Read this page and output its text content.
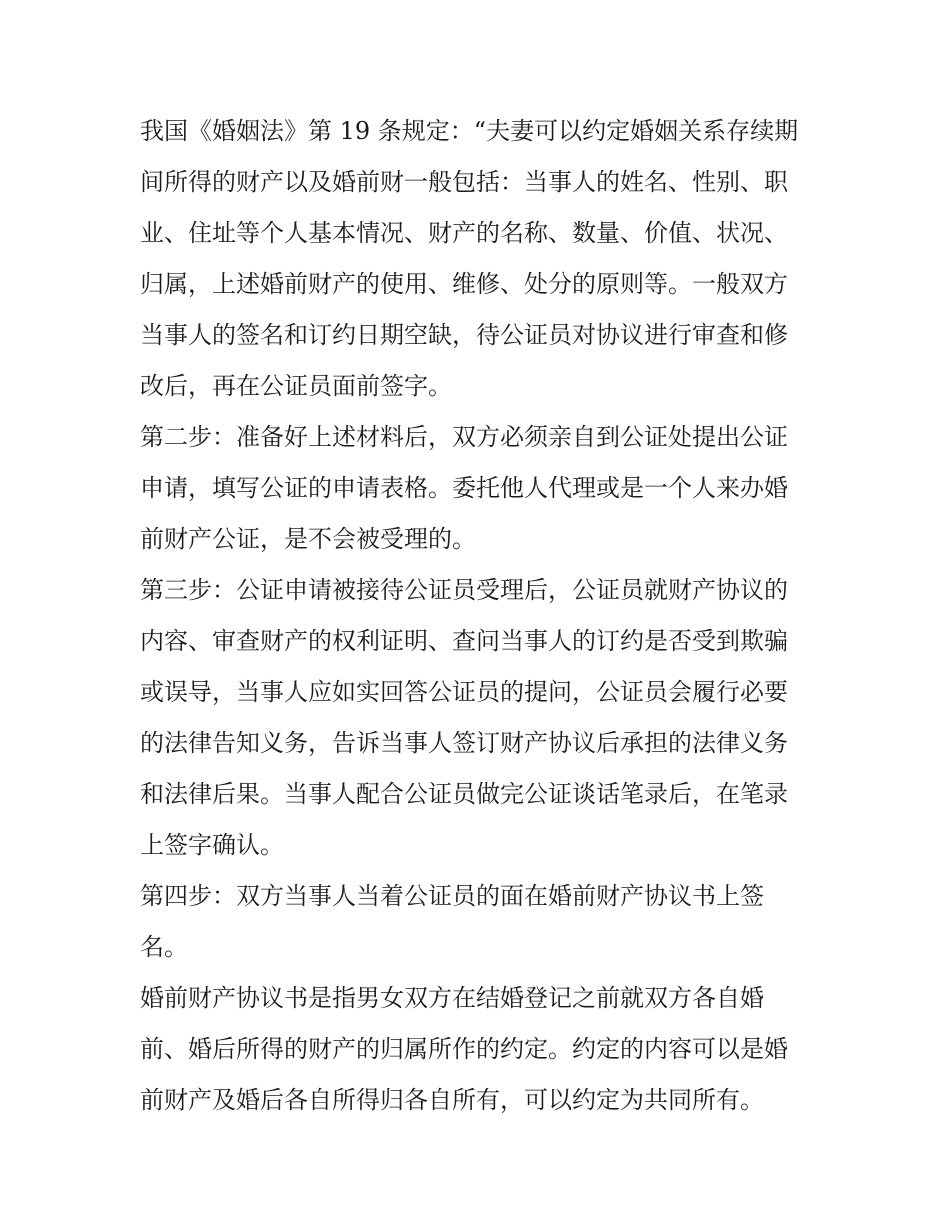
我国《婚姻法》第 19 条规定：“夫妻可以约定婚姻关系存续期
间所得的财产以及婚前财一般包括：当事人的姓名、性别、职
业、住址等个人基本情况、财产的名称、数量、价值、状况、
归属，上述婚前财产的使用、维修、处分的原则等。一般双方
当事人的签名和订约日期空缺，待公证员对协议进行审查和修
改后，再在公证员面前签字。
第二步：准备好上述材料后，双方必须亲自到公证处提出公证
申请，填写公证的申请表格。委托他人代理或是一个人来办婚
前财产公证，是不会被受理的。
第三步：公证申请被接待公证员受理后，公证员就财产协议的
内容、审查财产的权利证明、查问当事人的订约是否受到欺骗
或误导，当事人应如实回答公证员的提问，公证员会履行必要
的法律告知义务，告诉当事人签订财产协议后承担的法律义务
和法律后果。当事人配合公证员做完公证谈话笔录后，在笔录
上签字确认。
第四步：双方当事人当着公证员的面在婚前财产协议书上签
名。
婚前财产协议书是指男女双方在结婚登记之前就双方各自婚
前、婚后所得的财产的归属所作的约定。约定的内容可以是婚
前财产及婚后各自所得归各自所有，可以约定为共同所有。
